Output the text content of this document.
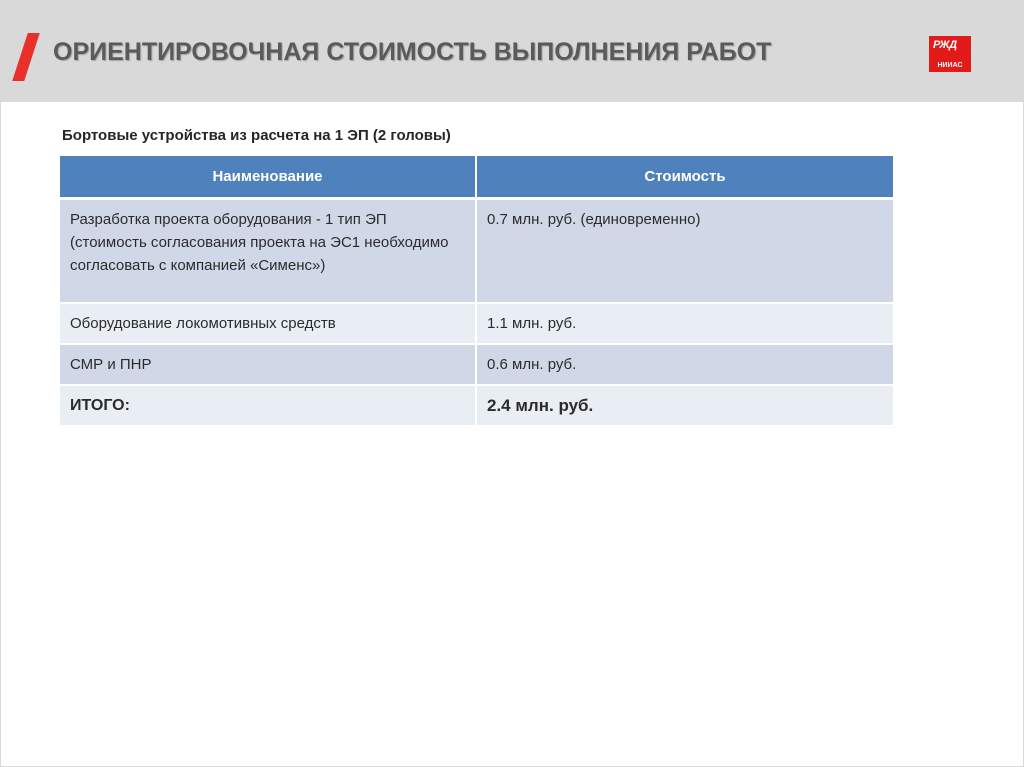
ОРИЕНТИРОВОЧНАЯ СТОИМОСТЬ ВЫПОЛНЕНИЯ РАБОТ	РЖД
НИИАС
Бортовые устройства из расчета на 1 ЭП (2 головы)
Наименование	Стоимость
Разработка проекта оборудования - 1 тип ЭП (стоимость согласования проекта на ЭС1 необходимо согласовать с компанией «Сименс»)	0.7 млн. руб. (единовременно)
Оборудование локомотивных средств	1.1 млн. руб.
СМР и ПНР	0.6 млн. руб.
ИТОГО:	2.4 млн. руб.
